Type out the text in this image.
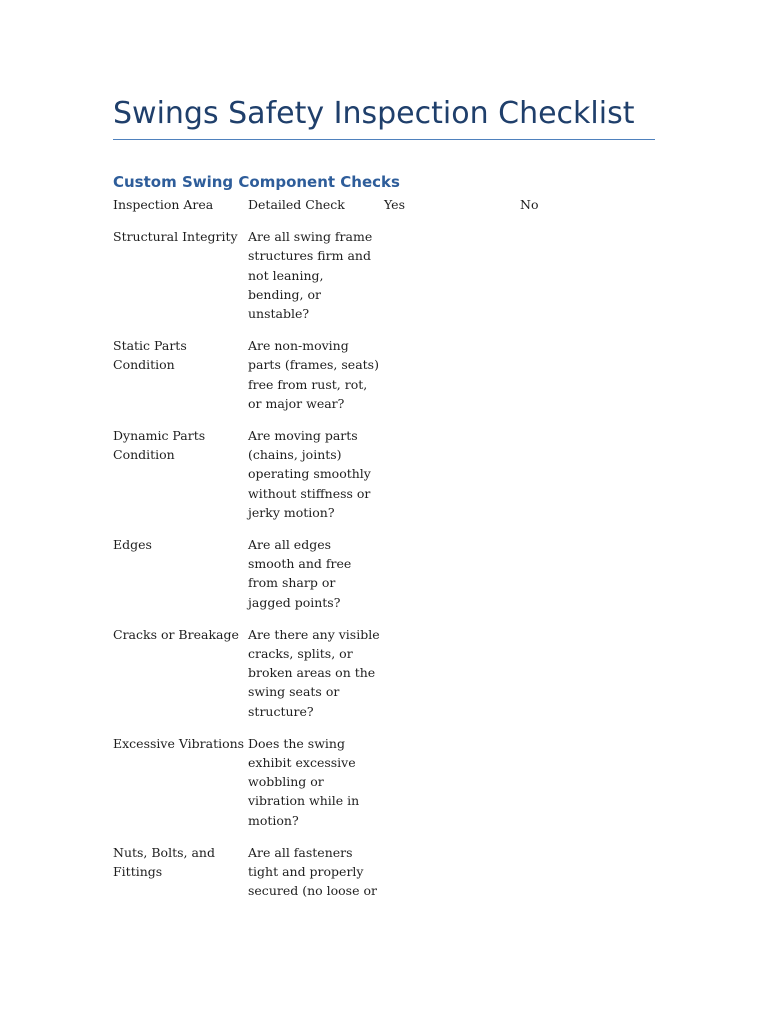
Swings Safety Inspection Checklist
Custom Swing Component Checks
Inspection Area	Detailed Check	Yes	No
Structural Integrity	Are all swing frame
structures firm and
not leaning,
bending, or
unstable?		
Static Parts
Condition	Are non-moving
parts (frames, seats)
free from rust, rot,
or major wear?		
Dynamic Parts
Condition	Are moving parts
(chains, joints)
operating smoothly
without stiffness or
jerky motion?		
Edges	Are all edges
smooth and free
from sharp or
jagged points?		
Cracks or Breakage	Are there any visible
cracks, splits, or
broken areas on the
swing seats or
structure?		
Excessive Vibrations	Does the swing
exhibit excessive
wobbling or
vibration while in
motion?		
Nuts, Bolts, and
Fittings	Are all fasteners
tight and properly
secured (no loose or		
